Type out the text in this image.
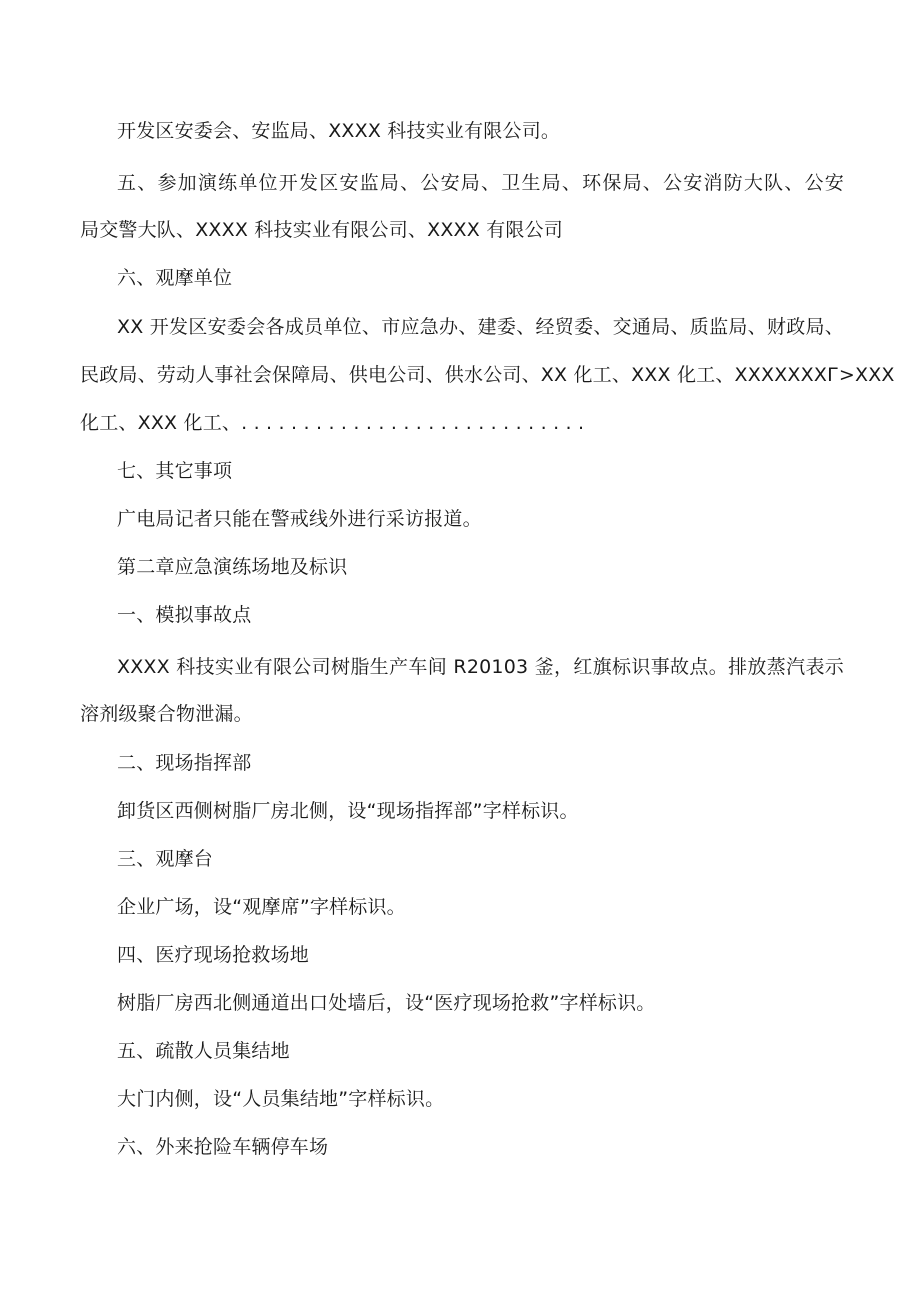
开发区安委会、安监局、XXXX 科技实业有限公司。
五、参加演练单位开发区安监局、公安局、卫生局、环保局、公安消防大队、公安
局交警大队、XXXX 科技实业有限公司、XXXX 有限公司
六、观摩单位
XX 开发区安委会各成员单位、市应急办、建委、经贸委、交通局、质监局、财政局、
民政局、劳动人事社会保障局、供电公司、供水公司、XX 化工、XXX 化工、XXXXXXXГ>XXX
化工、XXX 化工、. . . . . . . . . . . . . . . . . . . . . . . . . . . .
七、其它事项
广电局记者只能在警戒线外进行采访报道。
第二章应急演练场地及标识
一、模拟事故点
XXXX 科技实业有限公司树脂生产车间 R20103 釜，红旗标识事故点。排放蒸汽表示
溶剂级聚合物泄漏。
二、现场指挥部
卸货区西侧树脂厂房北侧，设“现场指挥部”字样标识。
三、观摩台
企业广场，设“观摩席”字样标识。
四、医疗现场抢救场地
树脂厂房西北侧通道出口处墙后，设“医疗现场抢救”字样标识。
五、疏散人员集结地
大门内侧，设“人员集结地”字样标识。
六、外来抢险车辆停车场
